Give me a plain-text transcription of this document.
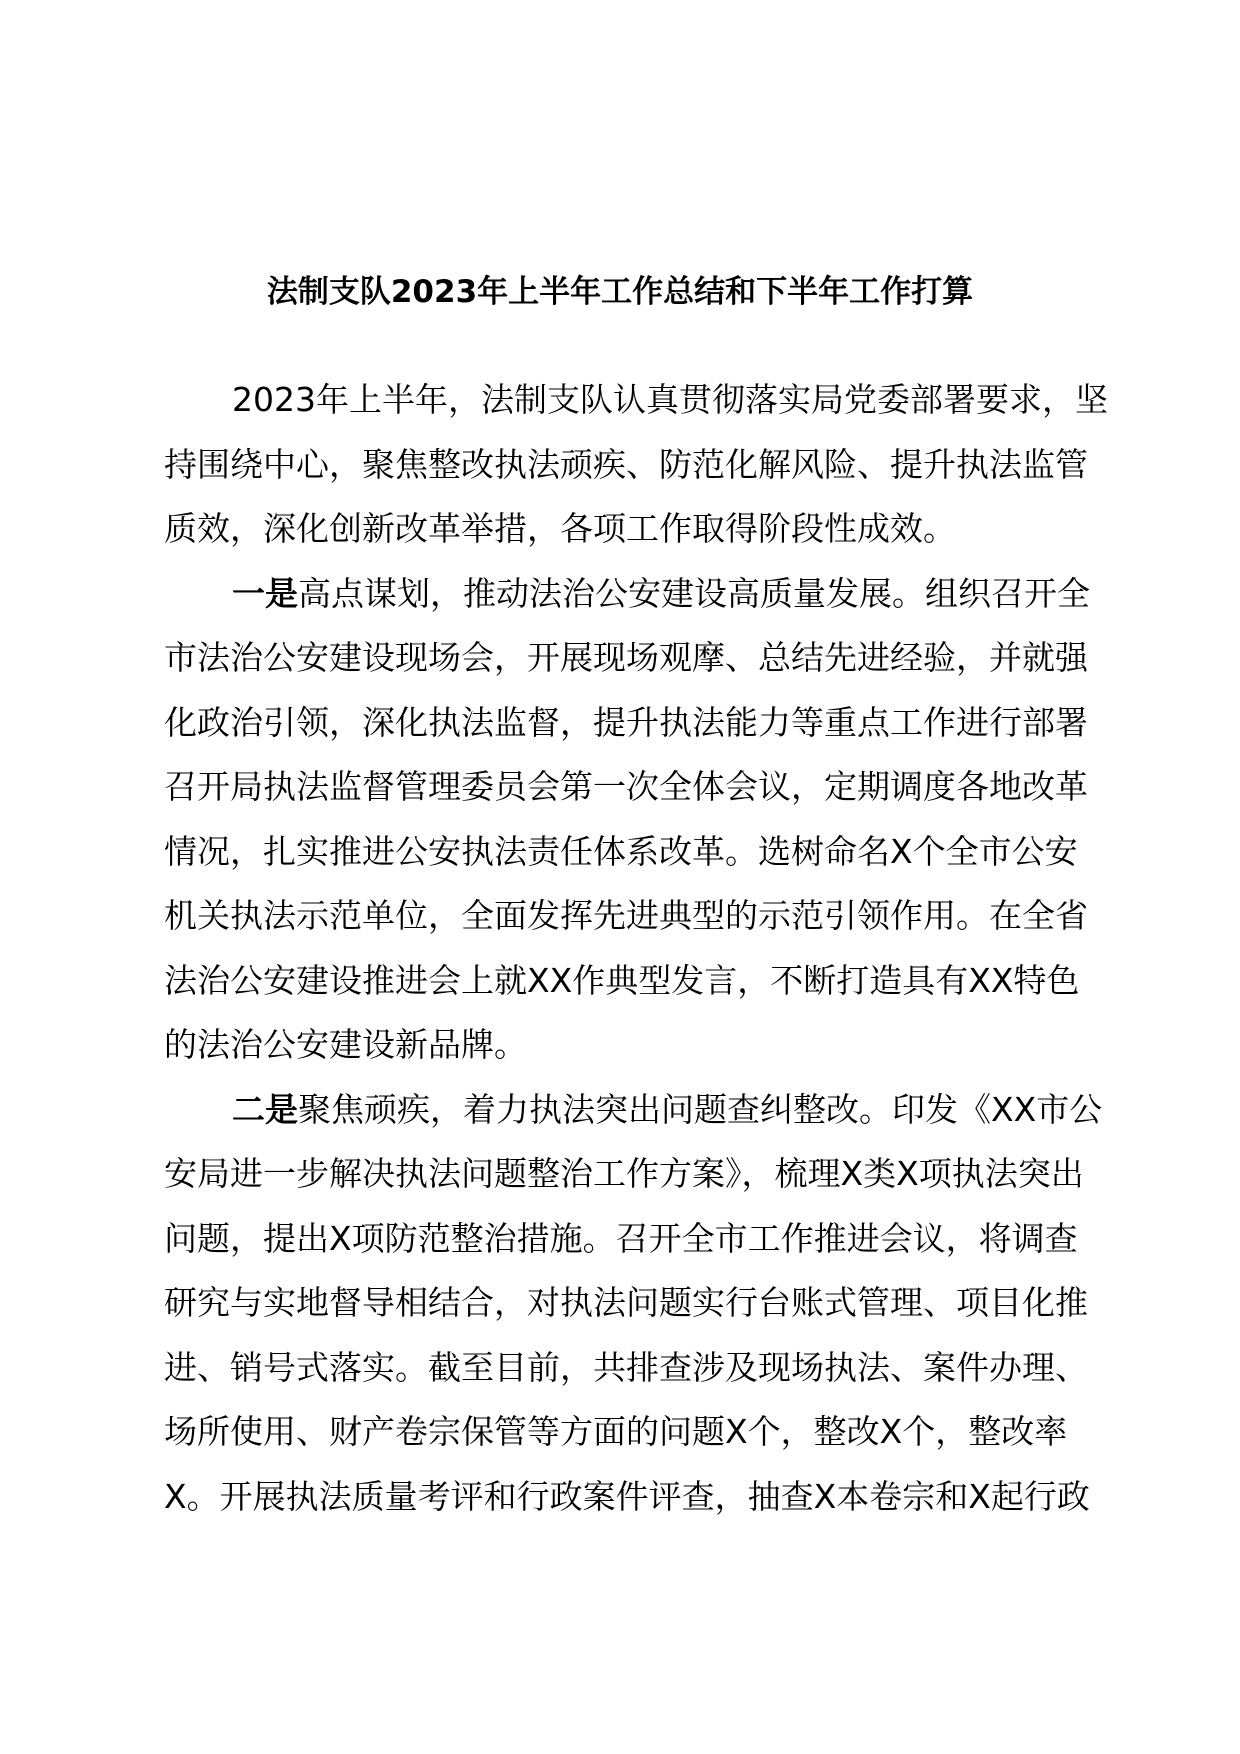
法制支队2023年上半年工作总结和下半年工作打算
2023年上半年，法制支队认真贯彻落实局党委部署要求，坚
持围绕中心，聚焦整改执法顽疾、防范化解风险、提升执法监管
质效，深化创新改革举措，各项工作取得阶段性成效。
一是高点谋划，推动法治公安建设高质量发展。组织召开全
市法治公安建设现场会，开展现场观摩、总结先进经验，并就强
化政治引领，深化执法监督，提升执法能力等重点工作进行部署
召开局执法监督管理委员会第一次全体会议，定期调度各地改革
情况，扎实推进公安执法责任体系改革。选树命名X个全市公安
机关执法示范单位，全面发挥先进典型的示范引领作用。在全省
法治公安建设推进会上就XX作典型发言，不断打造具有XX特色
的法治公安建设新品牌。
二是聚焦顽疾，着力执法突出问题查纠整改。印发《XX市公
安局进一步解决执法问题整治工作方案》，梳理X类X项执法突出
问题，提出X项防范整治措施。召开全市工作推进会议，将调查
研究与实地督导相结合，对执法问题实行台账式管理、项目化推
进、销号式落实。截至目前，共排查涉及现场执法、案件办理、
场所使用、财产卷宗保管等方面的问题X个，整改X个，整改率
X。开展执法质量考评和行政案件评查，抽查X本卷宗和X起行政
